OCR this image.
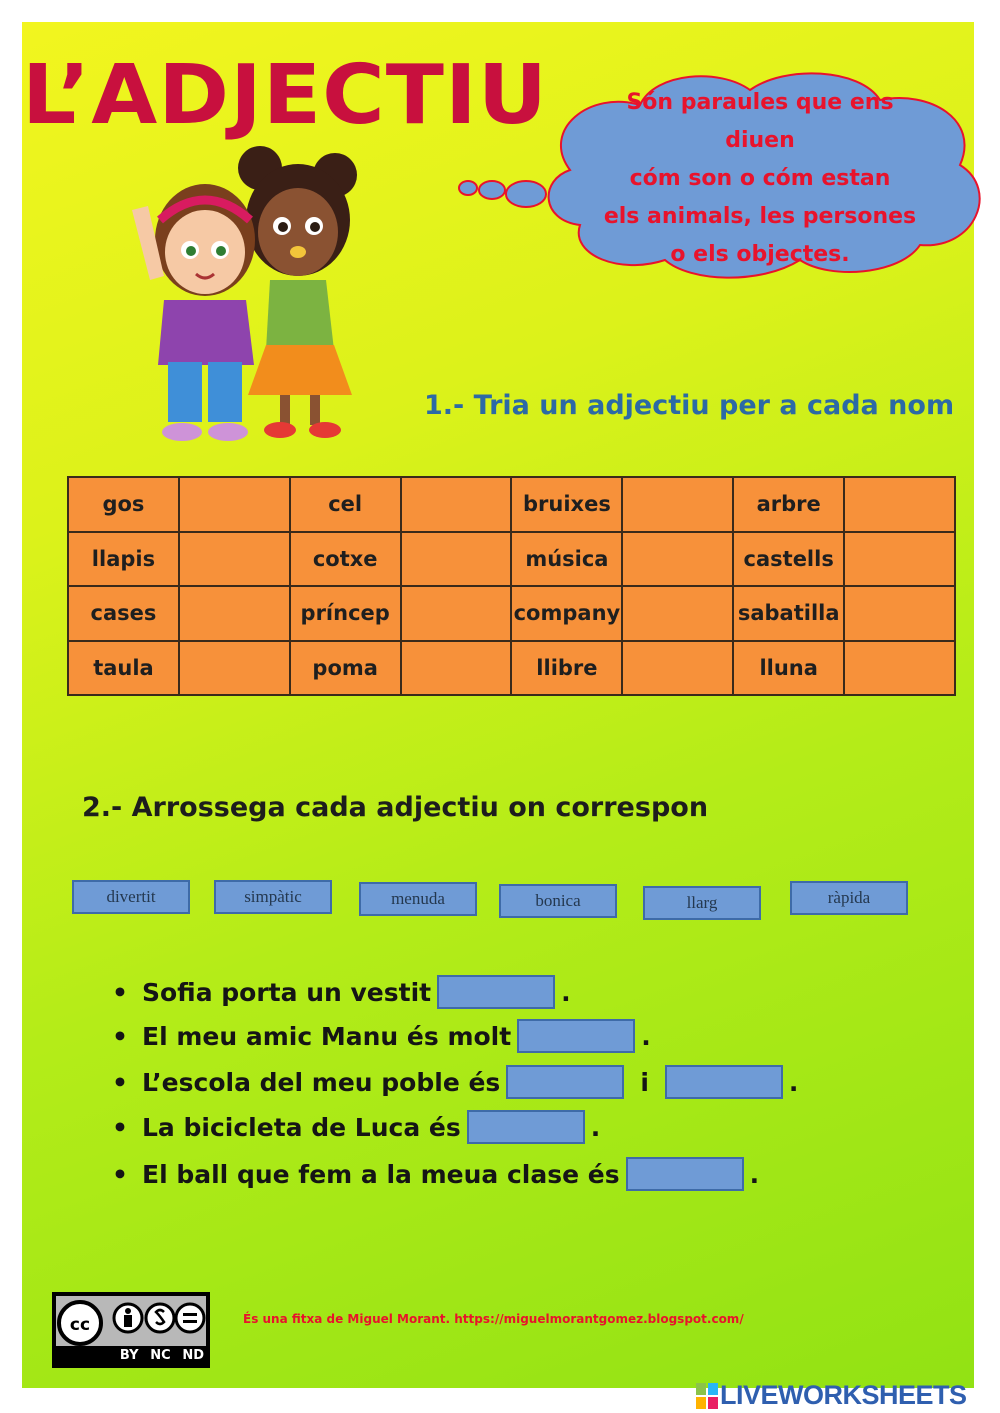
L’ADJECTIU	Són paraules que ens diuen
cóm son o cóm estan
els animals, les persones
o els objectes.
1.- Tria un adjectiu per a cada nom
gos		cel		bruixes		arbre	
llapis		cotxe		música		castells	
cases		príncep		company		sabatilla	
taula		poma		llibre		lluna	
2.- Arrossega cada adjectiu on correspon
divertit	simpàtic	menuda	bonica	llarg	ràpida
• Sofia porta un vestit	.
• El meu amic Manu és molt	.
• L’escola del meu poble és	i	.
• La bicicleta de Luca és	.
• El ball que fem a la meua clase és	.
cc
BY NC ND
És una fitxa de Miguel Morant. https://miguelmorantgomez.blogspot.com/
LIVEWORKSHEETS
